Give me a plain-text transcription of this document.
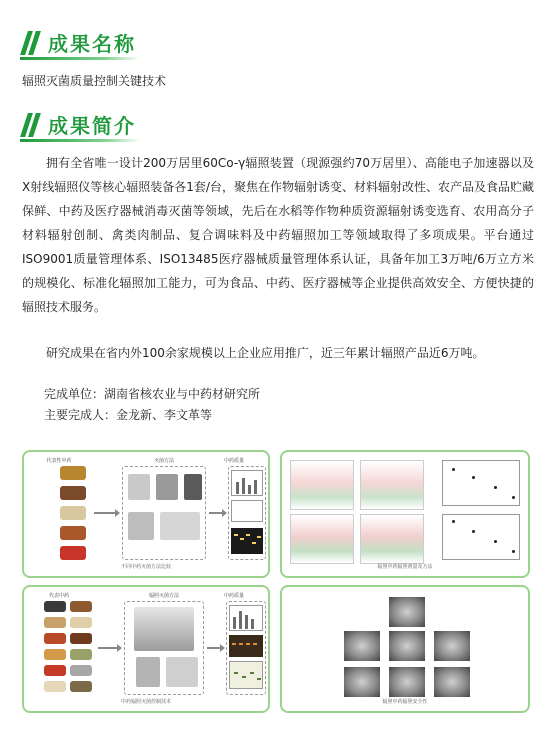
成果名称
辐照灭菌质量控制关键技术
成果简介
拥有全省唯一设计200万居里60Co-γ辐照装置（现源强约70万居里）、高能电子加速器以及X射线辐照仪等核心辐照装备各1套/台，聚焦在作物辐射诱变、材料辐射改性、农产品及食品贮藏保鲜、中药及医疗器械消毒灭菌等领域，先后在水稻等作物种质资源辐射诱变选育、农用高分子材料辐射创制、禽类肉制品、复合调味料及中药辐照加工等领域取得了多项成果。平台通过ISO9001质量管理体系、ISO13485医疗器械质量管理体系认证，具备年加工3万吨/6万立方米的规模化、标准化辐照加工能力，可为食品、中药、医疗器械等企业提供高效安全、方便快捷的辐照技术服务。
研究成果在省内外100余家规模以上企业应用推广，近三年累计辐照产品近6万吨。
完成单位：湖南省核农业与中药材研究所
主要完成人：金龙新、李文革等
代表性中药	灭菌方法	中药质量
不同中药灭菌方法比较	辐照中药辐照剂量及方法
代表中药	辐照灭菌方法	中药质量
中药辐照灭菌控制技术	辐照中药辐照安全性
